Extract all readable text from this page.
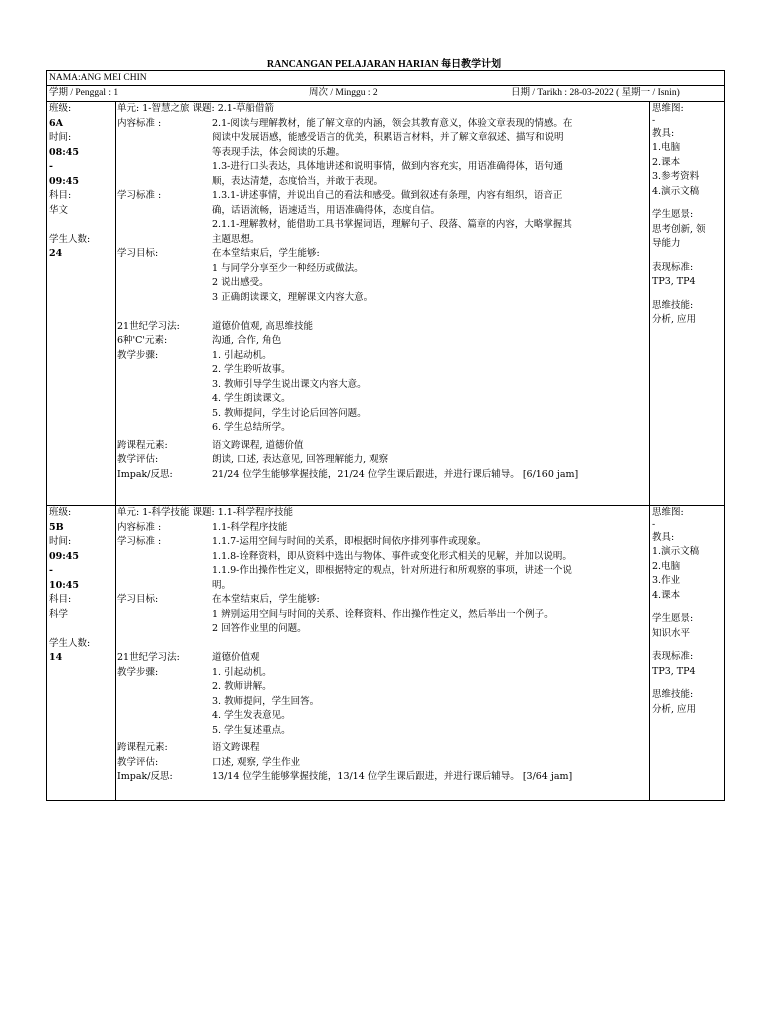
RANCANGAN PELAJARAN HARIAN 每日教学计划
NAMA:ANG MEI CHIN
学期 / Penggal : 1	周次 / Minggu : 2	日期 / Tarikh : 28-03-2022 ( 星期一 / Isnin)
班级:
6A
时间:
08:45
-
09:45
科目:
华文
学生人数:
24
单元: 1-智慧之旅 课题: 2.1-草船借箭
内容标准 :	2.1-阅读与理解教材，能了解文章的内涵，领会其教育意义，体验文章表现的情感。在
阅读中发展语感，能感受语言的优美，积累语言材料，并了解文章叙述、描写和说明
等表现手法，体会阅读的乐趣。
1.3-进行口头表达，具体地讲述和说明事情，做到内容充实，用语准确得体，语句通
顺，表达清楚，态度恰当，并敢于表现。
学习标准 :	1.3.1-讲述事情，并说出自己的看法和感受。做到叙述有条理，内容有组织，语音正
确，话语流畅，语速适当，用语准确得体，态度自信。
2.1.1-理解教材，能借助工具书掌握词语，理解句子、段落、篇章的内容，大略掌握其
主题思想。
学习目标:	在本堂结束后，学生能够:
1 与同学分享至少一种经历或做法。
2 说出感受。
3 正确朗读课文，理解课文内容大意。
21世纪学习法:	道德价值观, 高思维技能
6种'C'元素:	沟通, 合作, 角色
教学步骤:	1. 引起动机。
2. 学生聆听故事。
3. 教师引导学生说出课文内容大意。
4. 学生朗读课文。
5. 教师提问，学生讨论后回答问题。
6. 学生总结所学。
跨课程元素:	语文跨课程, 道德价值
教学评估:	朗读, 口述, 表达意见, 回答理解能力, 观察
Impak/反思:	21/24 位学生能够掌握技能，21/24 位学生课后跟进，并进行课后辅导。 [6/160 jam]
思维图:
-
教具:
1.电脑
2.课本
3.参考资料
4.演示文稿
学生愿景:
思考创新, 领
导能力
表现标准:
TP3, TP4
思维技能:
分析, 应用
班级:
5B
时间:
09:45
-
10:45
科目:
科学
学生人数:
14
单元: 1-科学技能 课题: 1.1-科学程序技能
内容标准 :	1.1-科学程序技能
学习标准 :	1.1.7-运用空间与时间的关系，即根据时间依序排列事件或现象。
1.1.8-诠释资料，即从资料中选出与物体、事件或变化形式相关的见解，并加以说明。
1.1.9-作出操作性定义，即根据特定的观点，针对所进行和所观察的事项，讲述一个说
明。
学习目标:	在本堂结束后，学生能够:
1 辨别运用空间与时间的关系、诠释资料、作出操作性定义，然后举出一个例子。
2 回答作业里的问题。
21世纪学习法:	道德价值观
教学步骤:	1. 引起动机。
2. 教师讲解。
3. 教师提问，学生回答。
4. 学生发表意见。
5. 学生复述重点。
跨课程元素:	语文跨课程
教学评估:	口述, 观察, 学生作业
Impak/反思:	13/14 位学生能够掌握技能，13/14 位学生课后跟进，并进行课后辅导。 [3/64 jam]
思维图:
-
教具:
1.演示文稿
2.电脑
3.作业
4.课本
学生愿景:
知识水平
表现标准:
TP3, TP4
思维技能:
分析, 应用
